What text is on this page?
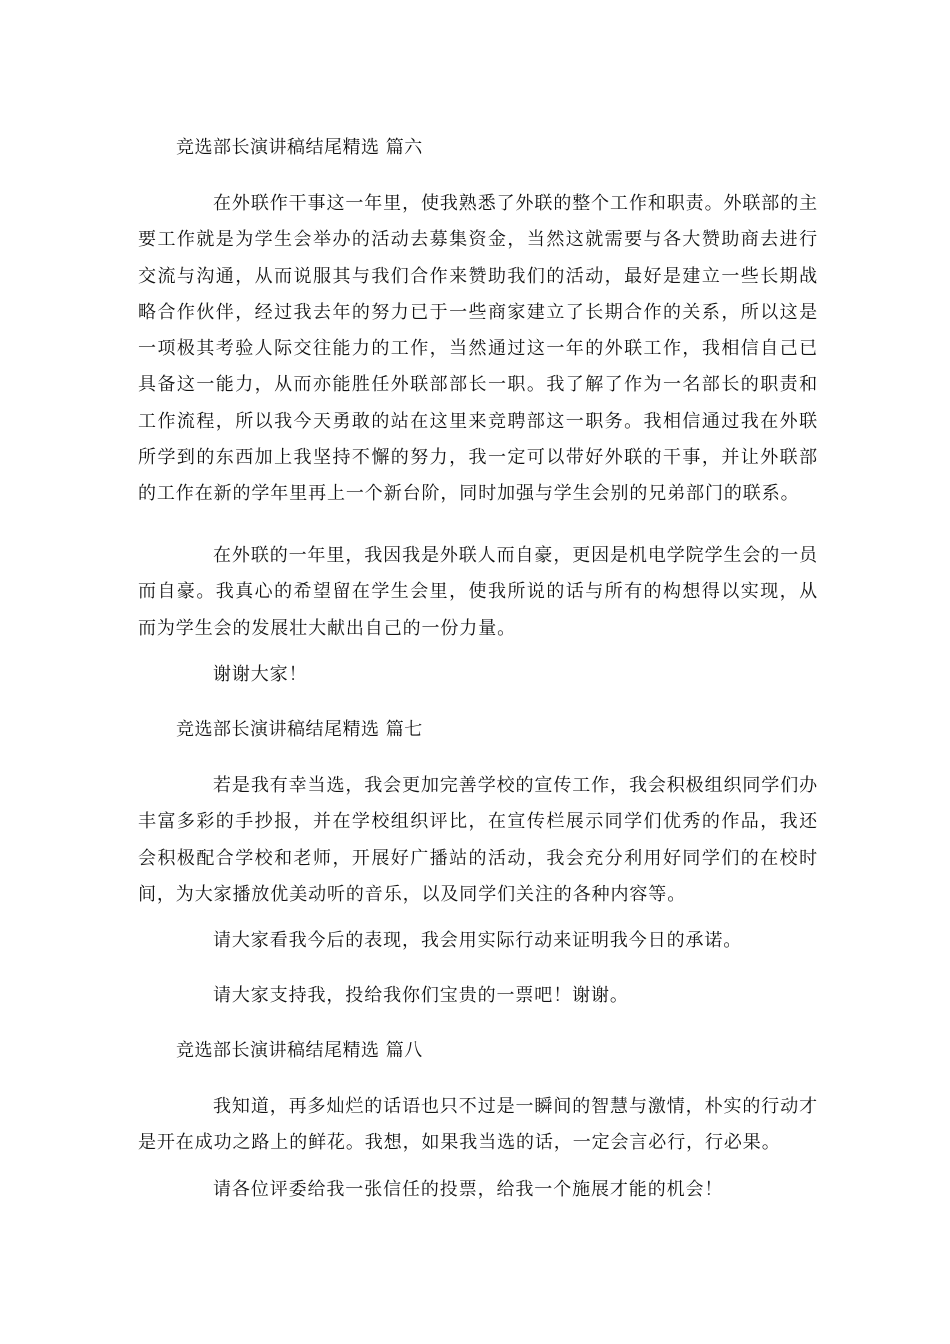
竞选部长演讲稿结尾精选 篇六
在外联作干事这一年里，使我熟悉了外联的整个工作和职责。外联部的主要工作就是为学生会举办的活动去募集资金，当然这就需要与各大赞助商去进行交流与沟通，从而说服其与我们合作来赞助我们的活动，最好是建立一些长期战略合作伙伴，经过我去年的努力已于一些商家建立了长期合作的关系，所以这是一项极其考验人际交往能力的工作，当然通过这一年的外联工作，我相信自己已具备这一能力，从而亦能胜任外联部部长一职。我了解了作为一名部长的职责和工作流程，所以我今天勇敢的站在这里来竞聘部这一职务。我相信通过我在外联所学到的东西加上我坚持不懈的努力，我一定可以带好外联的干事，并让外联部的工作在新的学年里再上一个新台阶，同时加强与学生会别的兄弟部门的联系。
在外联的一年里，我因我是外联人而自豪，更因是机电学院学生会的一员而自豪。我真心的希望留在学生会里，使我所说的话与所有的构想得以实现，从而为学生会的发展壮大献出自己的一份力量。
谢谢大家！
竞选部长演讲稿结尾精选 篇七
若是我有幸当选，我会更加完善学校的宣传工作，我会积极组织同学们办丰富多彩的手抄报，并在学校组织评比，在宣传栏展示同学们优秀的作品，我还会积极配合学校和老师，开展好广播站的活动，我会充分利用好同学们的在校时间，为大家播放优美动听的音乐，以及同学们关注的各种内容等。
请大家看我今后的表现，我会用实际行动来证明我今日的承诺。
请大家支持我，投给我你们宝贵的一票吧！谢谢。
竞选部长演讲稿结尾精选 篇八
我知道，再多灿烂的话语也只不过是一瞬间的智慧与激情，朴实的行动才是开在成功之路上的鲜花。我想，如果我当选的话，一定会言必行，行必果。
请各位评委给我一张信任的投票，给我一个施展才能的机会！
